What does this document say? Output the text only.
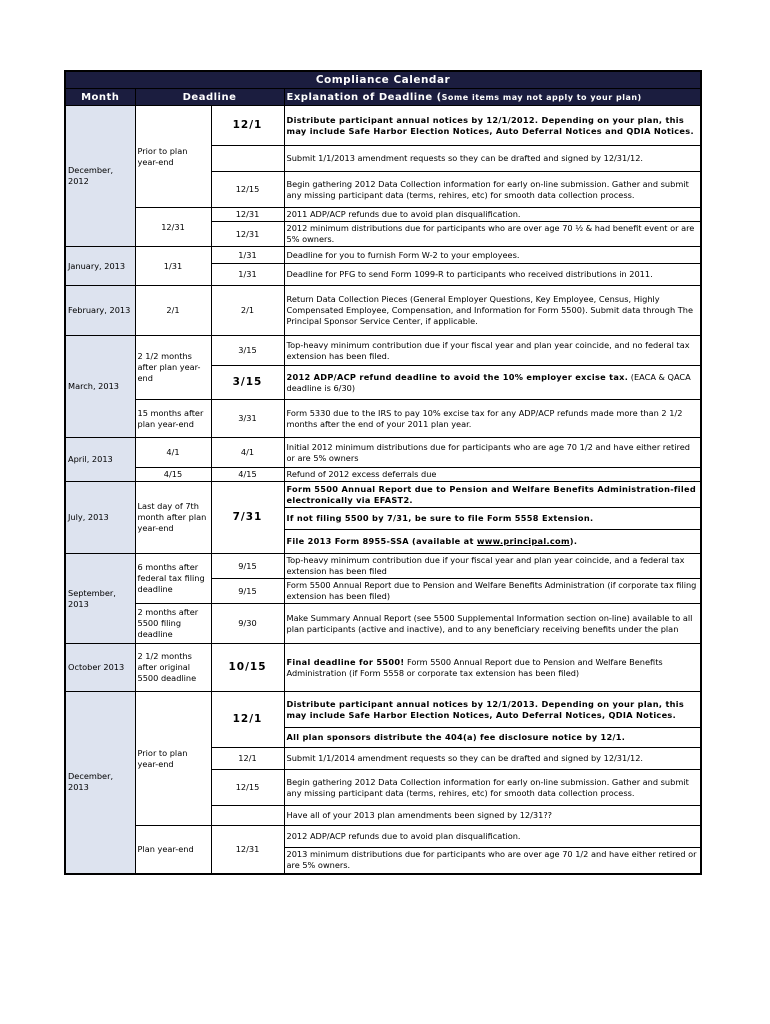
Compliance Calendar			
Month	Deadline		Explanation of Deadline (Some items may not apply to your plan)
December, 2012	Prior to plan year-end	12/1	Distribute participant annual notices by 12/1/2012. Depending on your plan, this may include Safe Harbor Election Notices, Auto Deferral Notices and QDIA Notices.
			Submit 1/1/2013 amendment requests so they can be drafted and signed by 12/31/12.
		12/15	Begin gathering 2012 Data Collection information for early on-line submission. Gather and submit any missing participant data (terms, rehires, etc) for smooth data collection process.
	12/31	12/31	2011 ADP/ACP refunds due to avoid plan disqualification.
		12/31	2012 minimum distributions due for participants who are over age 70 ½ & had benefit event or are 5% owners.
January, 2013	1/31	1/31	Deadline for you to furnish Form W-2 to your employees.
		1/31	Deadline for PFG to send Form 1099-R to participants who received distributions in 2011.
February, 2013	2/1	2/1	Return Data Collection Pieces (General Employer Questions, Key Employee, Census, Highly Compensated Employee, Compensation, and Information for Form 5500). Submit data through The Principal Sponsor Service Center, if applicable.
March, 2013	2 1/2 months after plan year-end	3/15	Top-heavy minimum contribution due if your fiscal year and plan year coincide, and no federal tax extension has been filed.
		3/15	2012 ADP/ACP refund deadline to avoid the 10% employer excise tax. (EACA & QACA deadline is 6/30)
	15 months after plan year-end	3/31	Form 5330 due to the IRS to pay 10% excise tax for any ADP/ACP refunds made more than 2 1/2 months after the end of your 2011 plan year.
April, 2013	4/1	4/1	Initial 2012 minimum distributions due for participants who are age 70 1/2 and have either retired or are 5% owners
	4/15	4/15	Refund of 2012 excess deferrals due
July, 2013	Last day of 7th month after plan year-end	7/31	Form 5500 Annual Report due to Pension and Welfare Benefits Administration-filed electronically via EFAST2.
			If not filing 5500 by 7/31, be sure to file Form 5558 Extension.
			File 2013 Form 8955-SSA (available at www.principal.com).
September, 2013	6 months after federal tax filing deadline	9/15	Top-heavy minimum contribution due if your fiscal year and plan year coincide, and a federal tax extension has been filed
		9/15	Form 5500 Annual Report due to Pension and Welfare Benefits Administration (if corporate tax filing extension has been filed)
	2 months after 5500 filing deadline	9/30	Make Summary Annual Report (see 5500 Supplemental Information section on-line) available to all plan participants (active and inactive), and to any beneficiary receiving benefits under the plan
October 2013	2 1/2 months after original 5500 deadline	10/15	Final deadline for 5500! Form 5500 Annual Report due to Pension and Welfare Benefits Administration (if Form 5558 or corporate tax extension has been filed)
December, 2013	Prior to plan year-end	12/1	Distribute participant annual notices by 12/1/2013. Depending on your plan, this may include Safe Harbor Election Notices, Auto Deferral Notices, QDIA Notices.
			All plan sponsors distribute the 404(a) fee disclosure notice by 12/1.
		12/1	Submit 1/1/2014 amendment requests so they can be drafted and signed by 12/31/12.
		12/15	Begin gathering 2012 Data Collection information for early on-line submission. Gather and submit any missing participant data (terms, rehires, etc) for smooth data collection process.
			Have all of your 2013 plan amendments been signed by 12/31??
	Plan year-end	12/31	2012 ADP/ACP refunds due to avoid plan disqualification.
			2013 minimum distributions due for participants who are over age 70 1/2 and have either retired or are 5% owners.
